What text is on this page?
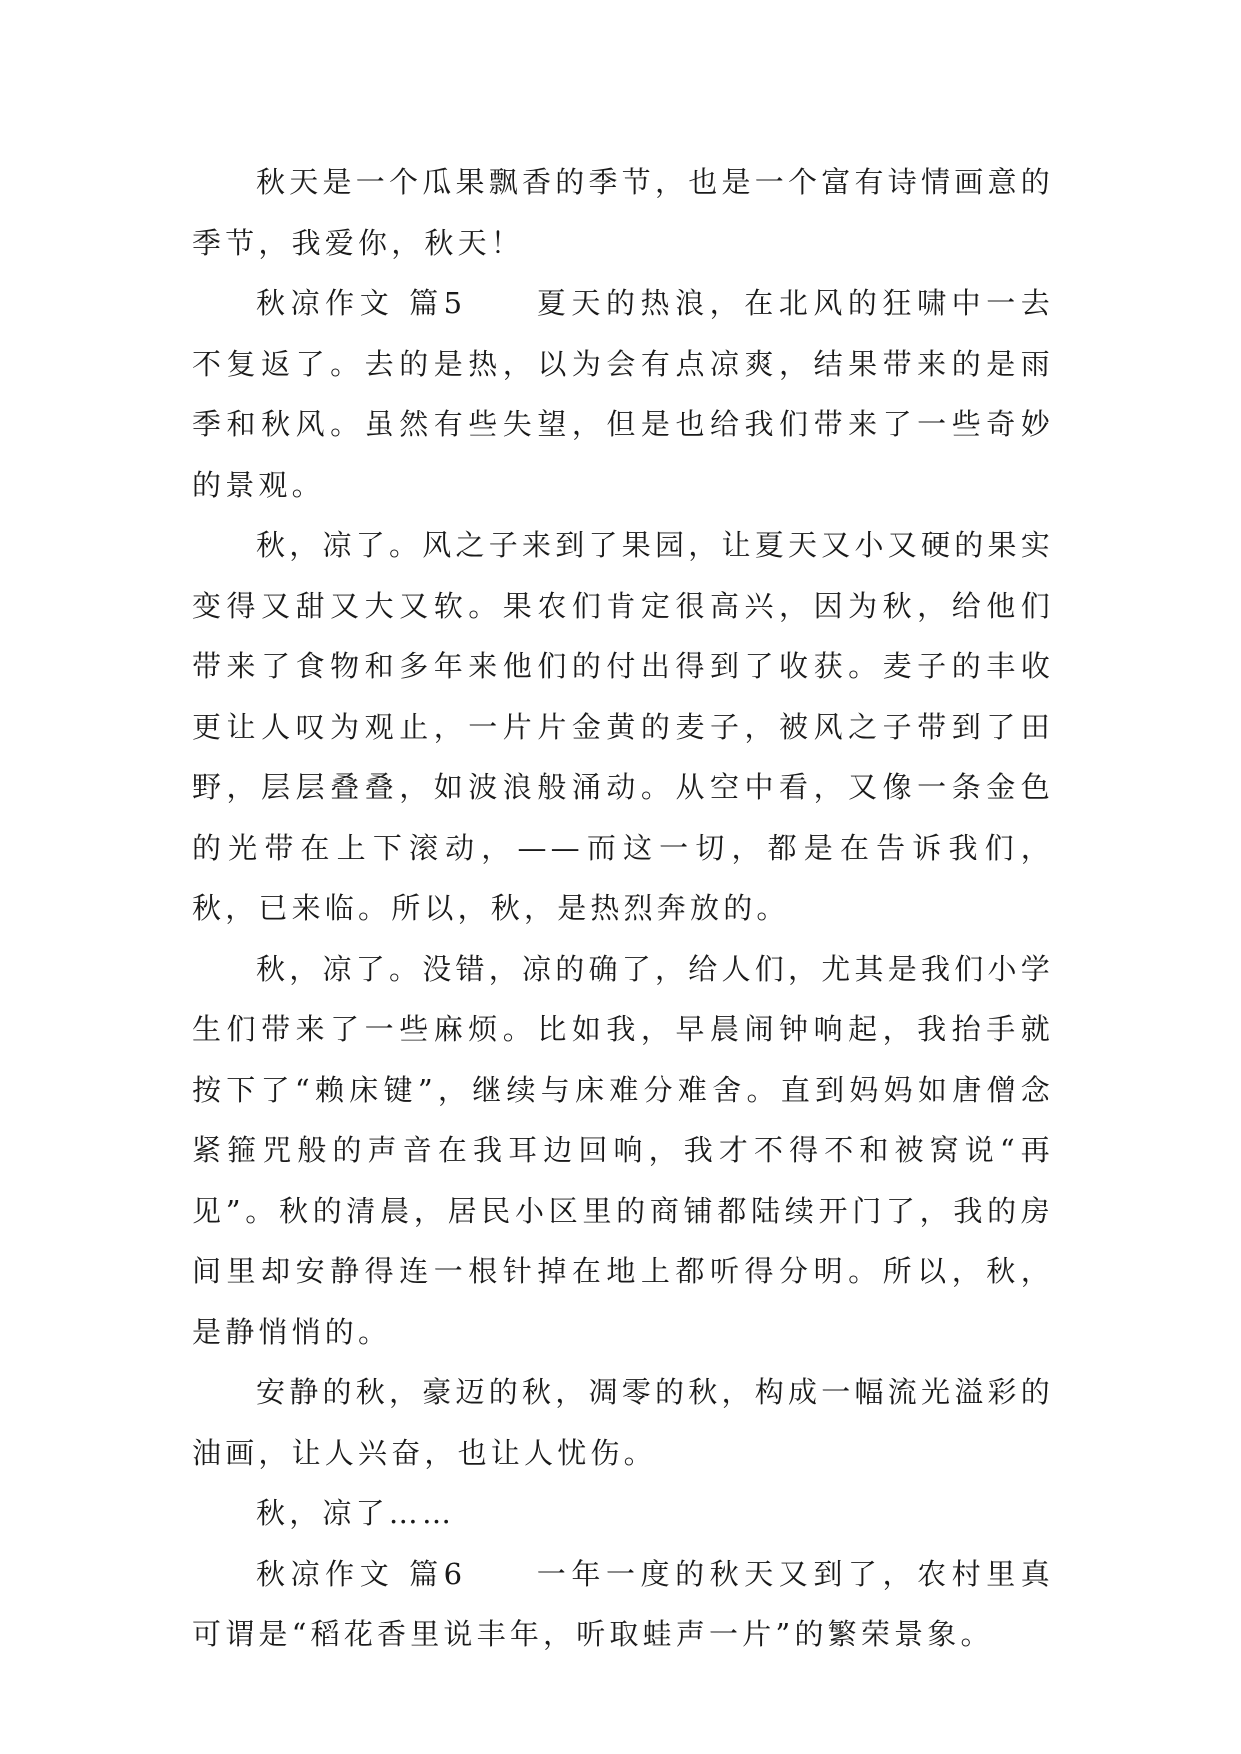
秋天是一个瓜果飘香的季节，也是一个富有诗情画意的季节，我爱你，秋天！

秋凉作文 篇5　　夏天的热浪，在北风的狂啸中一去不复返了。去的是热，以为会有点凉爽，结果带来的是雨季和秋风。虽然有些失望，但是也给我们带来了一些奇妙的景观。

秋，凉了。风之子来到了果园，让夏天又小又硬的果实变得又甜又大又软。果农们肯定很高兴，因为秋，给他们带来了食物和多年来他们的付出得到了收获。麦子的丰收更让人叹为观止，一片片金黄的麦子，被风之子带到了田野，层层叠叠，如波浪般涌动。从空中看，又像一条金色的光带在上下滚动，——而这一切，都是在告诉我们，秋，已来临。所以，秋，是热烈奔放的。

秋，凉了。没错，凉的确了，给人们，尤其是我们小学生们带来了一些麻烦。比如我，早晨闹钟响起，我抬手就按下了“赖床键”，继续与床难分难舍。直到妈妈如唐僧念紧箍咒般的声音在我耳边回响，我才不得不和被窝说“再见”。秋的清晨，居民小区里的商铺都陆续开门了，我的房间里却安静得连一根针掉在地上都听得分明。所以，秋，是静悄悄的。

安静的秋，豪迈的秋，凋零的秋，构成一幅流光溢彩的油画，让人兴奋，也让人忧伤。

秋，凉了……

秋凉作文 篇6　　一年一度的秋天又到了，农村里真可谓是“稻花香里说丰年，听取蛙声一片”的繁荣景象。
